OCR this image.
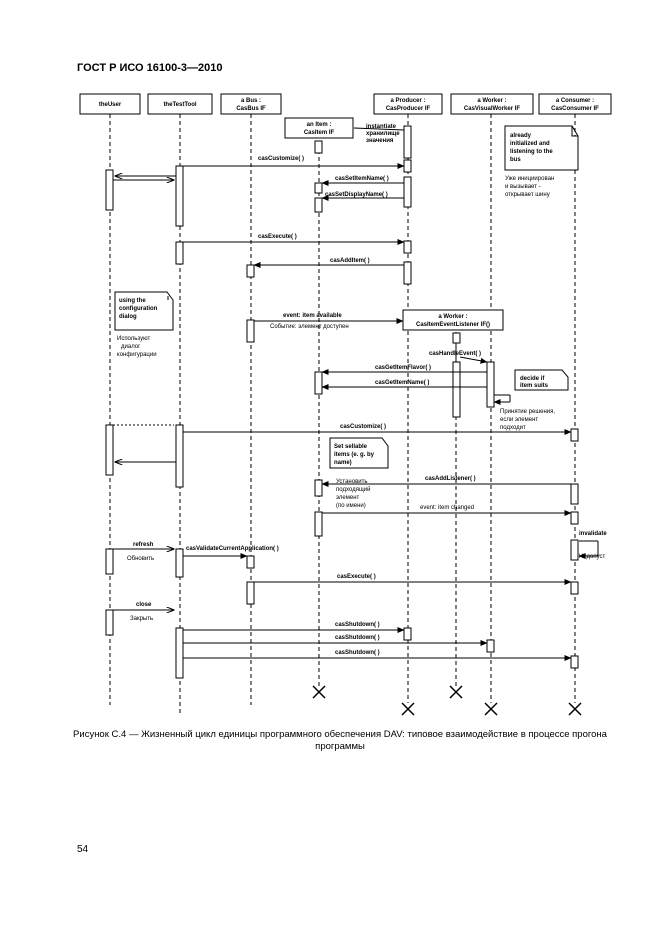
ГОСТ Р ИСО 16100-3—2010
theUser	theTestTool
a Bus :
CasBus IF
a Producer :
CasProducer IF
a Worker :
CasVisualWorker IF
a Consumer :
CasConsumer IF
an Item :
CasItem IF
a Worker :
CasItemEventListener IF()
instantiate
хранилище
значения
already
initialized and
listening to the
bus
using the
configuration
dialog
decide if
item suits
Set sellable
items (e. g. by
name)
invalidate
Уже инициирован
и вызывает -
открывает шину
Используют
диалог
конфигурации
Принятие решения,
если элемент
подходит
Установить
подходящий
элемент
(по имени)
Недопуст
casCustomize( )
casSetItemName( )
casSetDisplayName( )
casExecute( )
casAddItem( )
event: item available
casHandleEvent( )
casGetItemFlavor( )
casGetItemName( )
casCustomize( )
casAddListener( )
refresh
casValidateCurrentApplication( )
casExecute( )
close
casShutdown( )
casShutdown( )
casShutdown( )
Событие: элемент доступен
event: item changed
Обновить
Закрыть
Рисунок С.4 — Жизненный цикл единицы программного обеспечения DAV: типовое взаимодействие в процессе прогона программы
54
